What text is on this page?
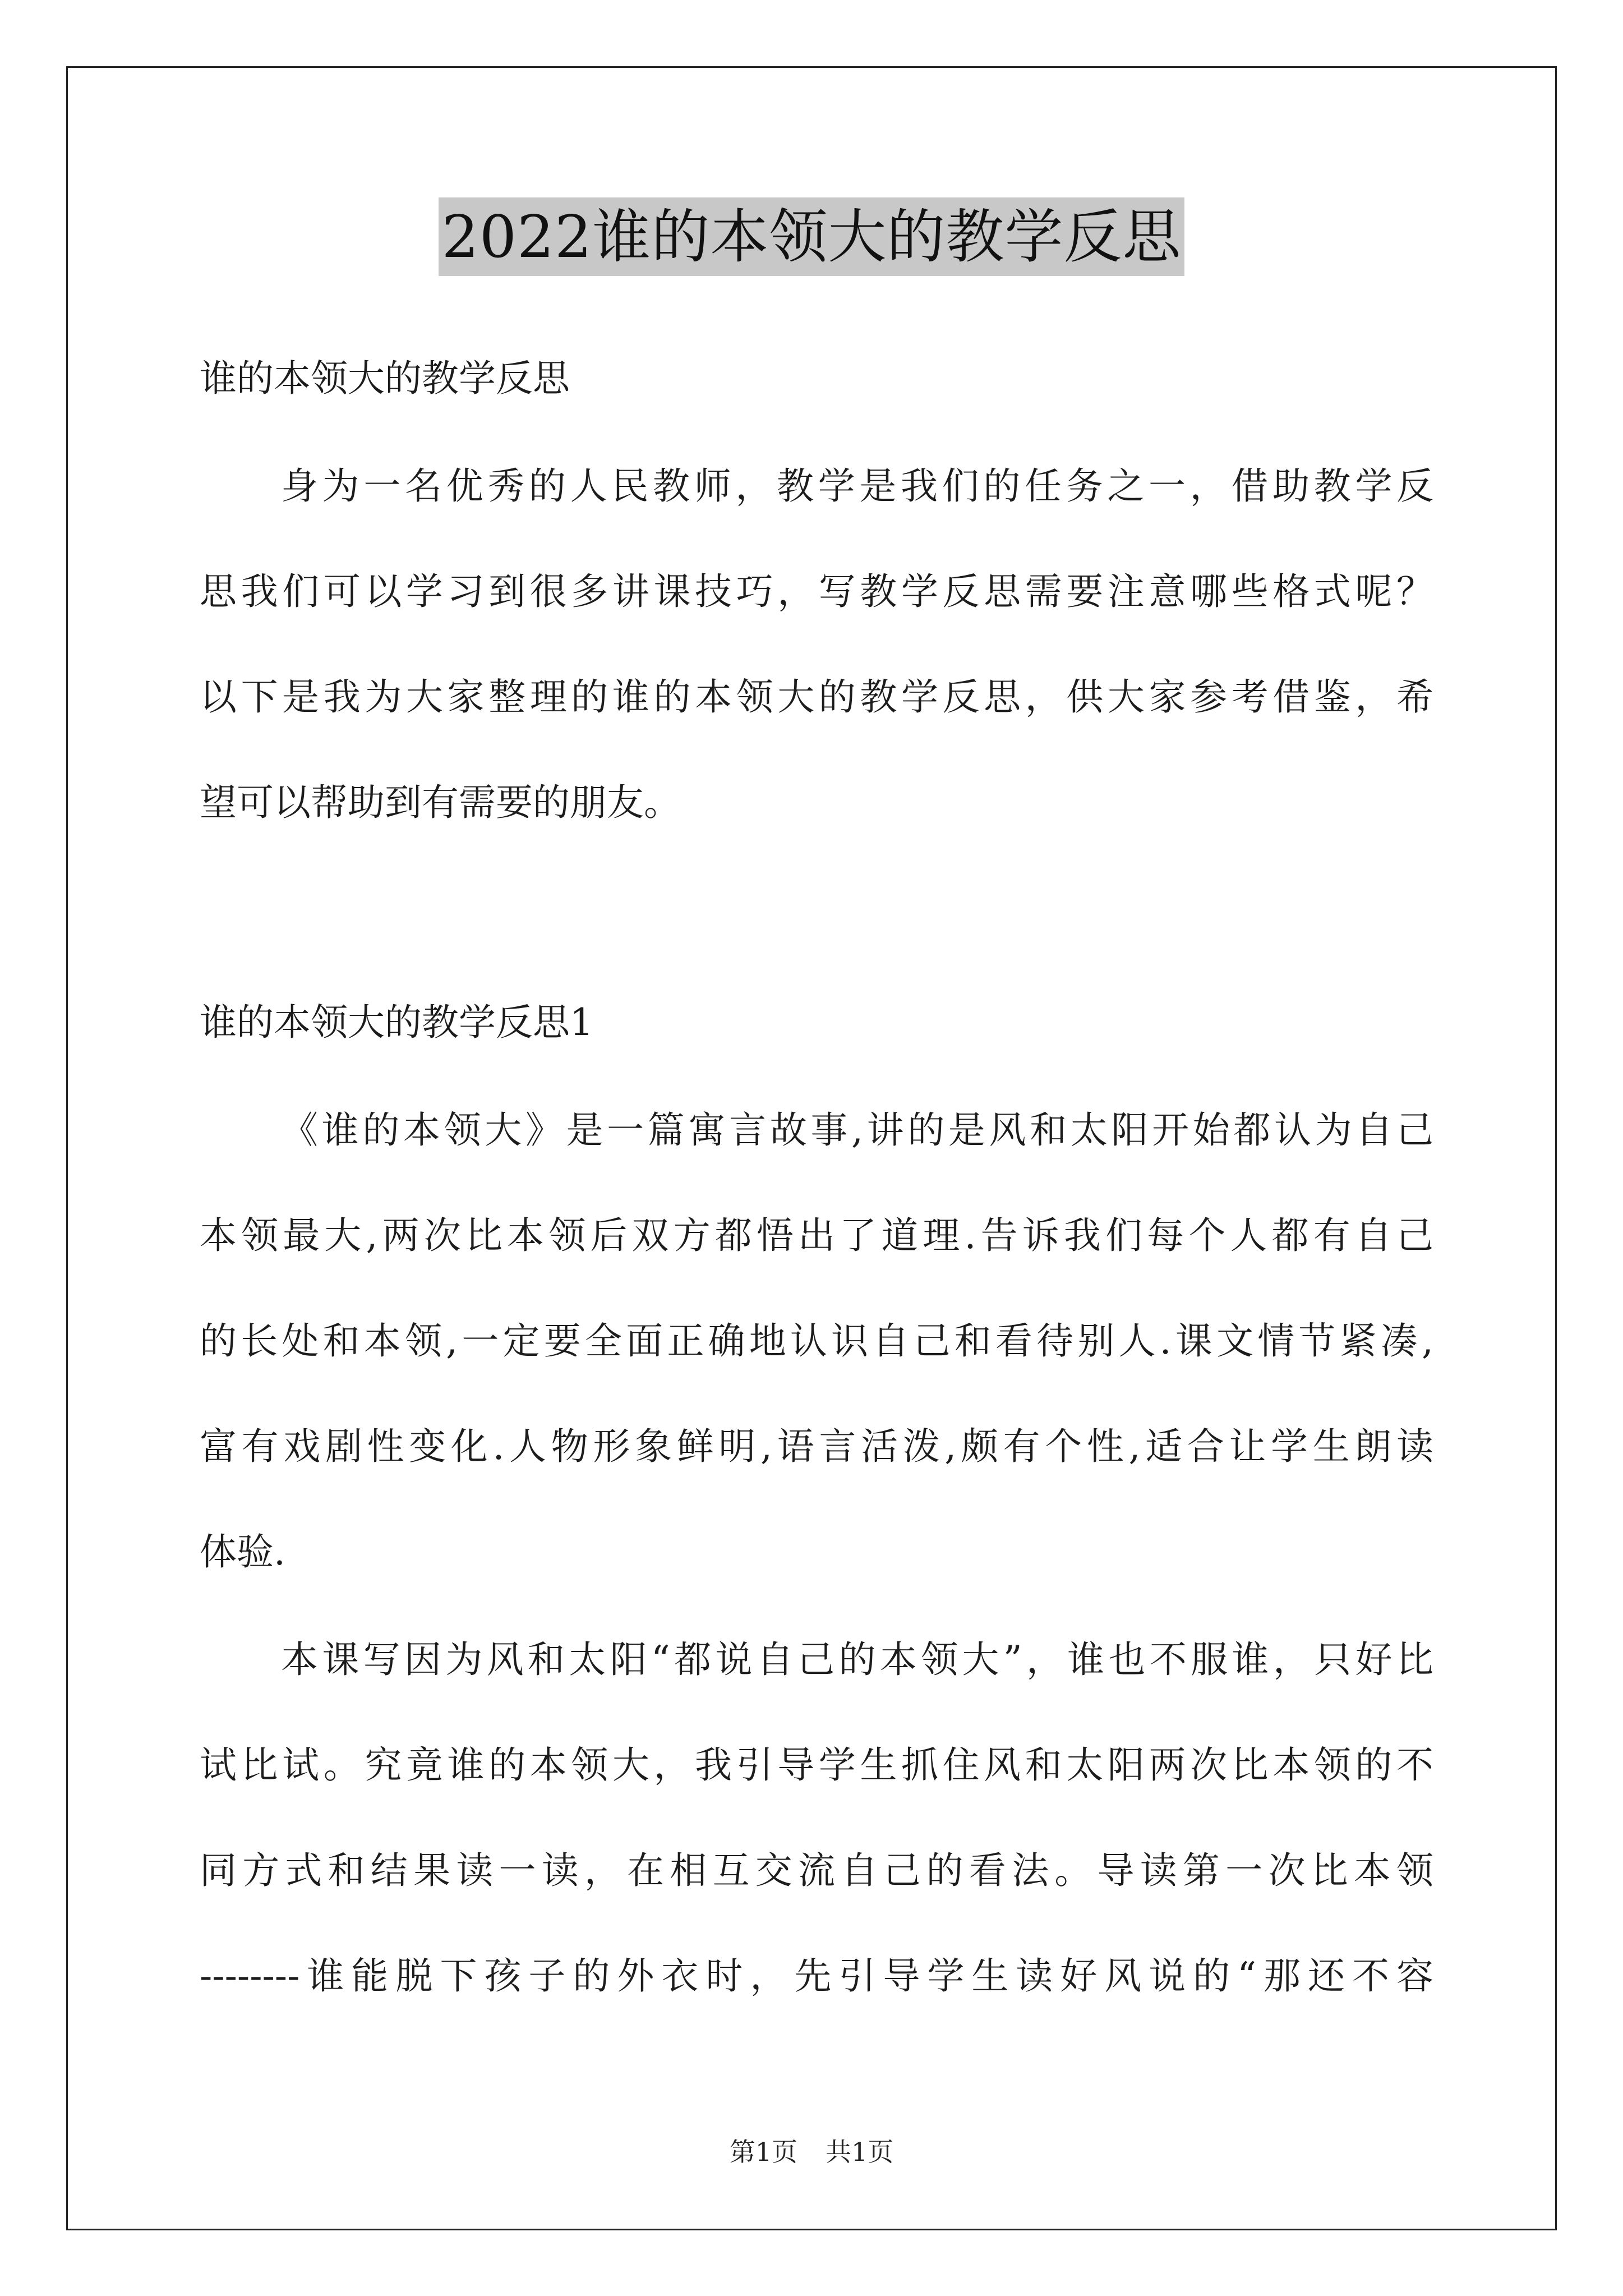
2022谁的本领大的教学反思
谁的本领大的教学反思
身为一名优秀的人民教师，教学是我们的任务之一，借助教学反
思我们可以学习到很多讲课技巧，写教学反思需要注意哪些格式呢？
以下是我为大家整理的谁的本领大的教学反思，供大家参考借鉴，希
望可以帮助到有需要的朋友。
谁的本领大的教学反思1
《谁的本领大》是一篇寓言故事,讲的是风和太阳开始都认为自己
本领最大,两次比本领后双方都悟出了道理.告诉我们每个人都有自己
的长处和本领,一定要全面正确地认识自己和看待别人.课文情节紧凑,
富有戏剧性变化.人物形象鲜明,语言活泼,颇有个性,适合让学生朗读
体验.
本课写因为风和太阳“都说自己的本领大”，谁也不服谁，只好比
试比试。究竟谁的本领大，我引导学生抓住风和太阳两次比本领的不
同方式和结果读一读，在相互交流自己的看法。导读第一次比本领
--------谁能脱下孩子的外衣时，先引导学生读好风说的“那还不容
第1页 共1页
